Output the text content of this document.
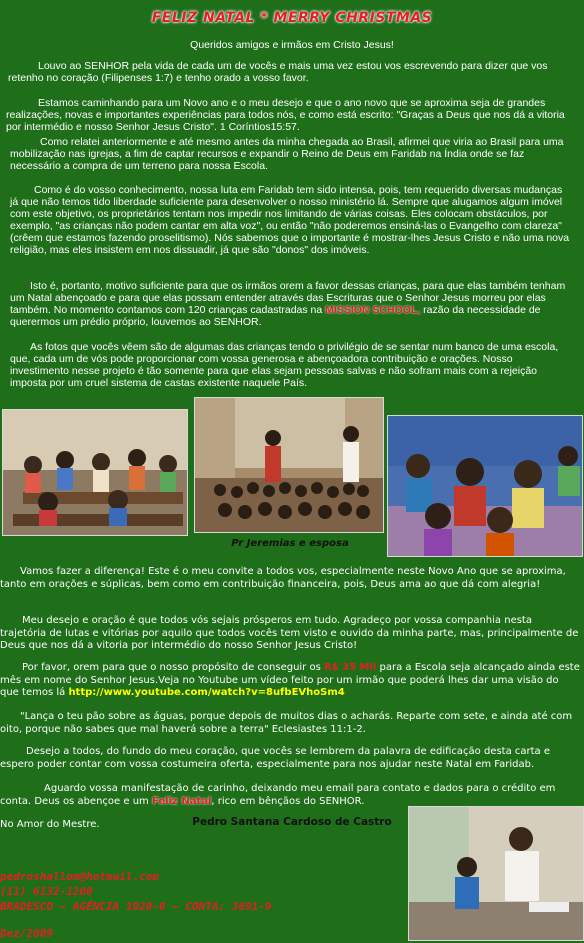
FELIZ NATAL * MERRY CHRISTMAS
Queridos amigos e irmãos em Cristo Jesus!
Louvo ao SENHOR pela vida de cada um de vocês e mais uma vez estou vos escrevendo para dizer que vos retenho no coração (Filipenses 1:7) e tenho orado a vosso favor.
Estamos caminhando para um Novo ano e o meu desejo e que o ano novo que se aproxima seja de grandes realizações, novas e importantes experiências para todos nós, e como está escrito: "Graças a Deus que nos dá a vitoria por intermédio e nosso Senhor Jesus Cristo". 1 Coríntios15:57.
Como relatei anteriormente e até mesmo antes da minha chegada ao Brasil, afirmei que viria ao Brasil para uma mobilização nas igrejas, a fim de captar recursos e expandir o Reino de Deus em Faridab na Índia onde se faz necessário a compra de um terreno para nossa Escola.
Como é do vosso conhecimento, nossa luta em Faridab tem sido intensa, pois, tem requerido diversas mudanças já que não temos tido liberdade suficiente para desenvolver o nosso ministério lá. Sempre que alugamos algum imóvel com este objetivo, os proprietários tentam nos impedir nos limitando de várias coisas. Eles colocam obstáculos, por exemplo, "as crianças não podem cantar em alta voz", ou então "não poderemos ensiná-las o Evangelho com clareza" (crêem que estamos fazendo proselitismo). Nós sabemos que o importante é mostrar-lhes Jesus Cristo e não uma nova religião, mas eles insistem em nos dissuadir, já que são "donos" dos imóveis.
Isto é, portanto, motivo suficiente para que os irmãos orem a favor dessas crianças, para que elas também tenham um Natal abençoado e para que elas possam entender através das Escrituras que o Senhor Jesus morreu por elas também. No momento contamos com 120 crianças cadastradas na MISSION SCHOOL, razão da necessidade de querermos um prédio próprio, louvemos ao SENHOR.
As fotos que vocês vêem são de algumas das crianças tendo o privilégio de se sentar num banco de uma escola, que, cada um de vós pode proporcionar com vossa generosa e abençoadora contribuição e orações. Nosso investimento nesse projeto é tão somente para que elas sejam pessoas salvas e não sofram mais com a rejeição imposta por um cruel sistema de castas existente naquele País.
Pr Jeremias e esposa
Vamos fazer a diferença! Este é o meu convite a todos vos, especialmente neste Novo Ano que se aproxima, tanto em orações e súplicas, bem como em contribuição financeira, pois, Deus ama ao que dá com alegria!
Meu desejo e oração é que todos vós sejais prósperos em tudo. Agradeço por vossa companhia nesta trajetória de lutas e vitórias por aquilo que todos vocês tem visto e ouvido da minha parte, mas, principalmente de Deus que nos dá a vitoria por intermédio do nosso Senhor Jesus Cristo!
Por favor, orem para que o nosso propósito de conseguir os R$ 35 Mil para a Escola seja alcançado ainda este mês em nome do Senhor Jesus.Veja no Youtube um vídeo feito por um irmão que poderá lhes dar uma visão do que temos lá http://www.youtube.com/watch?v=8ufbEVhoSm4
"Lança o teu pão sobre as águas, porque depois de muitos dias o acharás. Reparte com sete, e ainda até com oito, porque não sabes que mal haverá sobre a terra" Eclesiastes 11:1-2.
Desejo a todos, do fundo do meu coração, que vocês se lembrem da palavra de edificação desta carta e espero poder contar com vossa costumeira oferta, especialmente para nos ajudar neste Natal em Faridab.
Aguardo vossa manifestação de carinho, deixando meu email para contato e dados para o crédito em conta. Deus os abençoe e um Feliz Natal, rico em bênçãos do SENHOR.
No Amor do Mestre.	Pedro Santana Cardoso de Castro
pedroshallom@hotmail.com
(11) 6132-1200
BRADESCO – AGÊNCIA 1020-0 – CONTA: 3691-9
Dez/2009
